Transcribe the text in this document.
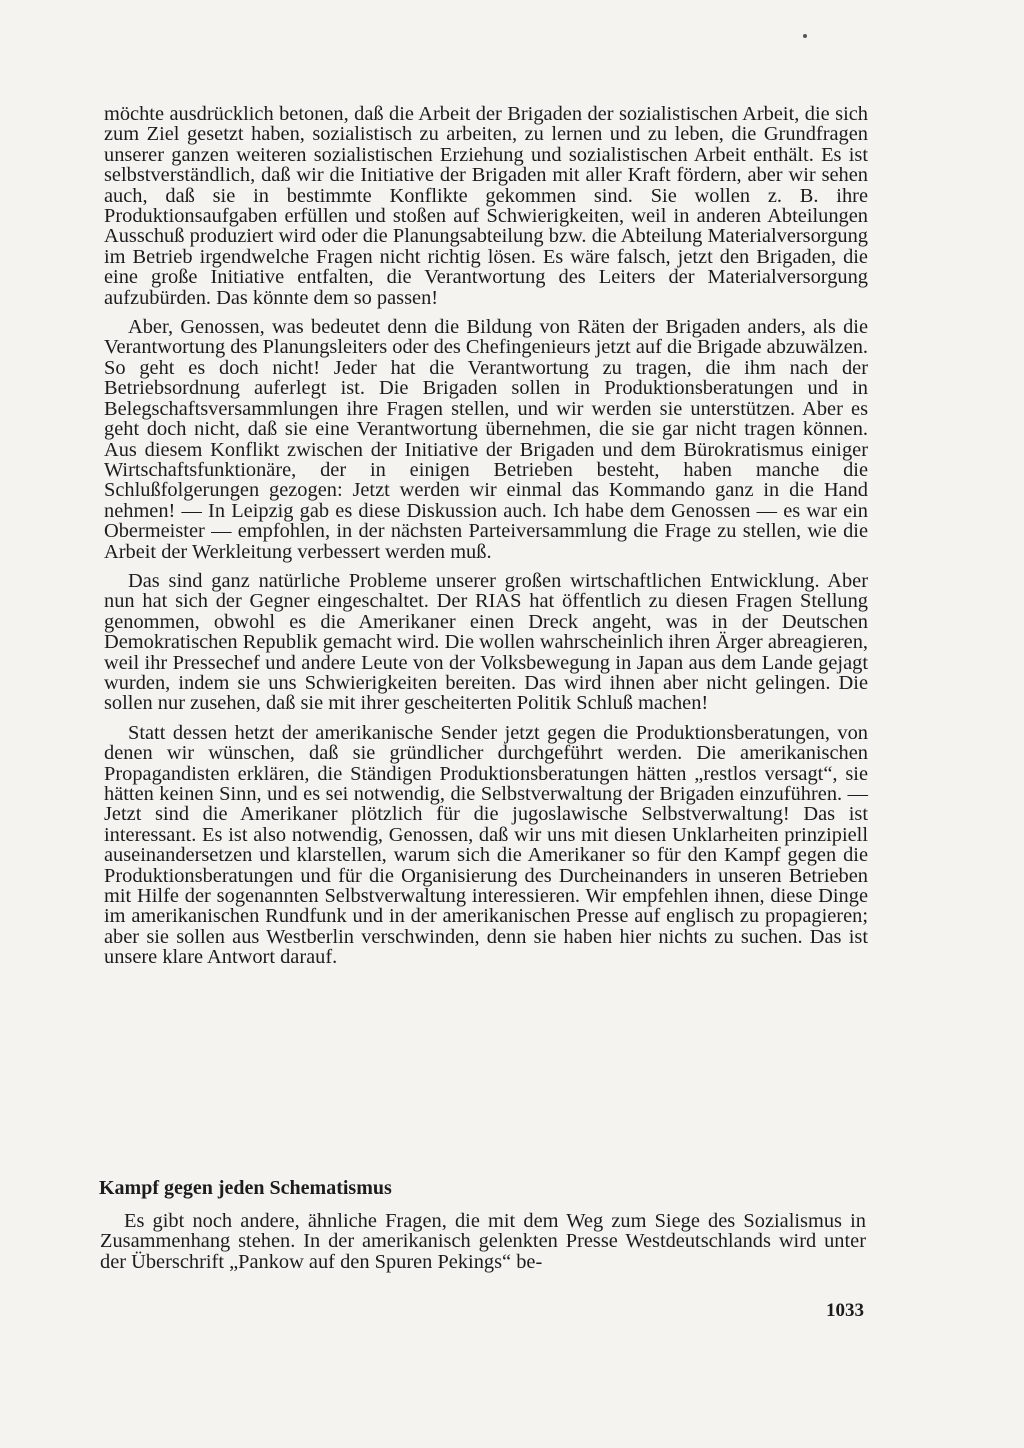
möchte ausdrücklich betonen, daß die Arbeit der Brigaden der sozialistischen Arbeit, die sich zum Ziel gesetzt haben, sozialistisch zu arbeiten, zu lernen und zu leben, die Grundfragen unserer ganzen weiteren sozialistischen Erziehung und sozialistischen Arbeit enthält. Es ist selbstverständlich, daß wir die Initiative der Brigaden mit aller Kraft fördern, aber wir sehen auch, daß sie in bestimmte Konflikte gekommen sind. Sie wollen z. B. ihre Produktionsaufgaben erfüllen und stoßen auf Schwierigkeiten, weil in anderen Abteilungen Ausschuß produziert wird oder die Planungsabteilung bzw. die Abteilung Materialversorgung im Betrieb irgendwelche Fragen nicht richtig lösen. Es wäre falsch, jetzt den Brigaden, die eine große Initiative entfalten, die Verantwortung des Leiters der Materialversorgung aufzubürden. Das könnte dem so passen!

Aber, Genossen, was bedeutet denn die Bildung von Räten der Brigaden anders, als die Verantwortung des Planungsleiters oder des Chefingenieurs jetzt auf die Brigade abzuwälzen. So geht es doch nicht! Jeder hat die Verantwortung zu tragen, die ihm nach der Betriebsordnung auferlegt ist. Die Brigaden sollen in Produktionsberatungen und in Belegschaftsversammlungen ihre Fragen stellen, und wir werden sie unterstützen. Aber es geht doch nicht, daß sie eine Verantwortung übernehmen, die sie gar nicht tragen können. Aus diesem Konflikt zwischen der Initiative der Brigaden und dem Bürokratismus einiger Wirtschaftsfunktionäre, der in einigen Betrieben besteht, haben manche die Schlußfolgerungen gezogen: Jetzt werden wir einmal das Kommando ganz in die Hand nehmen! — In Leipzig gab es diese Diskussion auch. Ich habe dem Genossen — es war ein Obermeister — empfohlen, in der nächsten Parteiversammlung die Frage zu stellen, wie die Arbeit der Werkleitung verbessert werden muß.

Das sind ganz natürliche Probleme unserer großen wirtschaftlichen Entwicklung. Aber nun hat sich der Gegner eingeschaltet. Der RIAS hat öffentlich zu diesen Fragen Stellung genommen, obwohl es die Amerikaner einen Dreck angeht, was in der Deutschen Demokratischen Republik gemacht wird. Die wollen wahrscheinlich ihren Ärger abreagieren, weil ihr Pressechef und andere Leute von der Volksbewegung in Japan aus dem Lande gejagt wurden, indem sie uns Schwierigkeiten bereiten. Das wird ihnen aber nicht gelingen. Die sollen nur zusehen, daß sie mit ihrer gescheiterten Politik Schluß machen!

Statt dessen hetzt der amerikanische Sender jetzt gegen die Produktionsberatungen, von denen wir wünschen, daß sie gründlicher durchgeführt werden. Die amerikanischen Propagandisten erklären, die Ständigen Produktionsberatungen hätten „restlos versagt“, sie hätten keinen Sinn, und es sei notwendig, die Selbstverwaltung der Brigaden einzuführen. — Jetzt sind die Amerikaner plötzlich für die jugoslawische Selbstverwaltung! Das ist interessant. Es ist also notwendig, Genossen, daß wir uns mit diesen Unklarheiten prinzipiell auseinandersetzen und klarstellen, warum sich die Amerikaner so für den Kampf gegen die Produktionsberatungen und für die Organisierung des Durcheinanders in unseren Betrieben mit Hilfe der sogenannten Selbstverwaltung interessieren. Wir empfehlen ihnen, diese Dinge im amerikanischen Rundfunk und in der amerikanischen Presse auf englisch zu propagieren; aber sie sollen aus Westberlin verschwinden, denn sie haben hier nichts zu suchen. Das ist unsere klare Antwort darauf.

Kampf gegen jeden Schematismus

Es gibt noch andere, ähnliche Fragen, die mit dem Weg zum Siege des Sozialismus in Zusammenhang stehen. In der amerikanisch gelenkten Presse Westdeutschlands wird unter der Überschrift „Pankow auf den Spuren Pekings“ be-

1033
